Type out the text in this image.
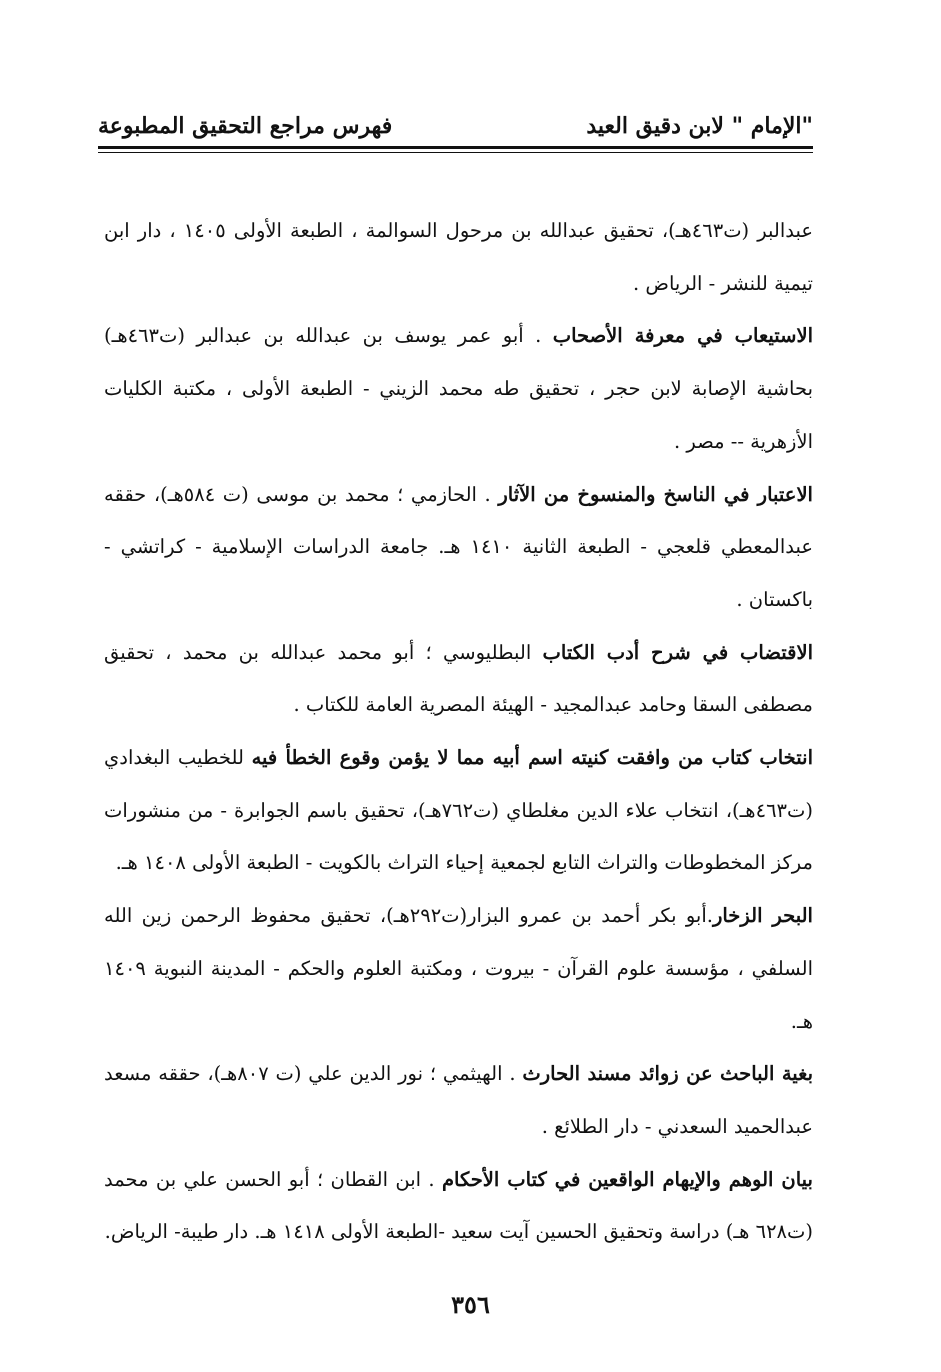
"الإمام " لابن دقيق العيد
فهرس مراجع التحقيق المطبوعة

عبدالبر (ت٤٦٣هـ)، تحقيق عبدالله بن مرحول السوالمة ، الطبعة الأولى ١٤٠٥ ، دار ابن تيمية للنشر - الرياض .

الاستيعاب في معرفة الأصحاب . أبو عمر يوسف بن عبدالله بن عبدالبر (ت٤٦٣هـ) بحاشية الإصابة لابن حجر ، تحقيق طه محمد الزيني - الطبعة الأولى ، مكتبة الكليات الأزهرية -- مصر .

الاعتبار في الناسخ والمنسوخ من الآثار . الحازمي ؛ محمد بن موسى (ت ٥٨٤هـ)، حققه عبدالمعطي قلعجي - الطبعة الثانية ١٤١٠ هـ. جامعة الدراسات الإسلامية - كراتشي - باكستان .

الاقتضاب في شرح أدب الكتاب البطليوسي ؛ أبو محمد عبدالله بن محمد ، تحقيق مصطفى السقا وحامد عبدالمجيد - الهيئة المصرية العامة للكتاب .

انتخاب كتاب من وافقت كنيته اسم أبيه مما لا يؤمن وقوع الخطأ فيه للخطيب البغدادي (ت٤٦٣هـ)، انتخاب علاء الدين مغلطاي (ت٧٦٢هـ)، تحقيق باسم الجوابرة - من منشورات مركز المخطوطات والتراث التابع لجمعية إحياء التراث بالكويت - الطبعة الأولى ١٤٠٨ هـ.

البحر الزخار.أبو بكر أحمد بن عمرو البزار(ت٢٩٢هـ)، تحقيق محفوظ الرحمن زين الله السلفي ، مؤسسة علوم القرآن - بيروت ، ومكتبة العلوم والحكم - المدينة النبوية ١٤٠٩ هـ.

بغية الباحث عن زوائد مسند الحارث . الهيثمي ؛ نور الدين علي (ت ٨٠٧هـ)، حققه مسعد عبدالحميد السعدني - دار الطلائع .

بيان الوهم والإيهام الواقعين في كتاب الأحكام . ابن القطان ؛ أبو الحسن علي بن محمد (ت٦٢٨ هـ) دراسة وتحقيق الحسين آيت سعيد -الطبعة الأولى ١٤١٨ هـ. دار طيبة- الرياض.

٣٥٦
